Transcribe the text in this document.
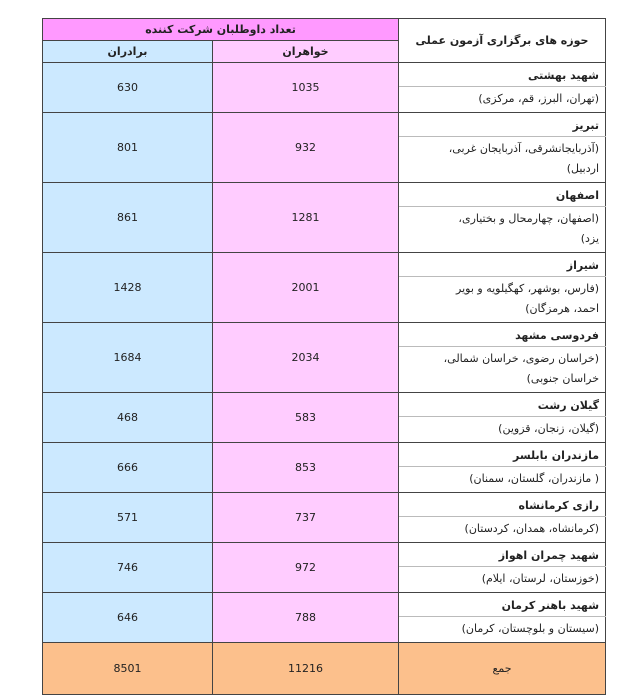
تعداد داوطلبان شرکت کننده		حوزه های برگزاری آزمون عملی
برادران	خواهران	
630	1035	شهید بهشتی
		(تهران، البرز، قم، مرکزی)
801	932	تبریز
		(آذربایجانشرقی، آذربایجان غربی، اردبیل)
861	1281	اصفهان
		(اصفهان، چهارمحال و بختیاری، یزد)
1428	2001	شیراز
		(فارس، بوشهر، کهگیلویه و بویر احمد، هرمزگان)
1684	2034	فردوسی مشهد
		(خراسان رضوی، خراسان شمالی، خراسان جنوبی)
468	583	گیلان رشت
		(گیلان، زنجان، قزوین)
666	853	مازندران بابلسر
		( مازندران، گلستان، سمنان)
571	737	رازی کرمانشاه
		(کرمانشاه، همدان، کردستان)
746	972	شهید چمران اهواز
		(خوزستان، لرستان، ایلام)
646	788	شهید باهنر کرمان
		(سیستان و بلوچستان، کرمان)
8501	11216	جمع
